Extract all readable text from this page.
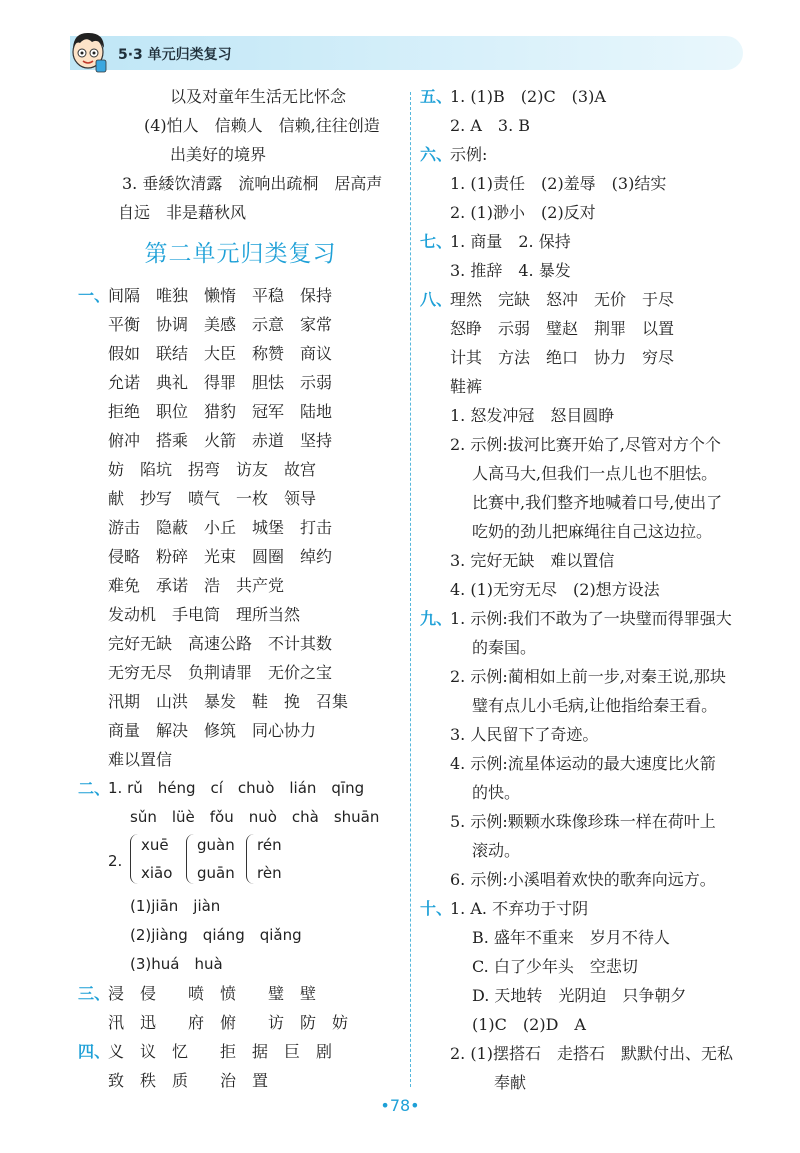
5·3 单元归类复习
以及对童年生活无比怀念
(4)怕人　信赖人　信赖,往往创造
出美好的境界
3. 垂緌饮清露　流响出疏桐　居高声
自远　非是藉秋风
第二单元归类复习
一、
间隔　唯独　懒惰　平稳　保持
平衡　协调　美感　示意　家常
假如　联结　大臣　称赞　商议
允诺　典礼　得罪　胆怯　示弱
拒绝　职位　猎豹　冠军　陆地
俯冲　搭乘　火箭　赤道　坚持
妨　陷坑　拐弯　访友　故宫
献　抄写　喷气　一枚　领导
游击　隐蔽　小丘　城堡　打击
侵略　粉碎　光束　圆圈　绰约
难免　承诺　浩　共产党
发动机　手电筒　理所当然
完好无缺　高速公路　不计其数
无穷无尽　负荆请罪　无价之宝
汛期　山洪　暴发　鞋　挽　召集
商量　解决　修筑　同心协力
难以置信
二、
1. rǔ　héng　cí　chuò　lián　qīng
sǔn　lüè　fǒu　nuò　chà　shuān
2.
xuē
xiāo
guàn
guān
rén
rèn
(1)jiān　jiàn
(2)jiàng　qiáng　qiǎng
(3)huá　huà
三、
浸　侵　　喷　愤　　璧　壁
汛　迅　　府　俯　　访　防　妨
四、
义　议　忆　　拒　据　巨　剧
致　秩　质　　治　置
五、
1. (1)B　(2)C　(3)A
2. A　3. B
六、
示例:
1. (1)责任　(2)羞辱　(3)结实
2. (1)渺小　(2)反对
七、
1. 商量　2. 保持
3. 推辞　4. 暴发
八、
理然　完缺　怒冲　无价　于尽
怒睁　示弱　璧赵　荆罪　以置
计其　方法　绝口　协力　穷尽
鞋裤
1. 怒发冲冠　怒目圆睁
2. 示例:拔河比赛开始了,尽管对方个个
人高马大,但我们一点儿也不胆怯。
比赛中,我们整齐地喊着口号,使出了
吃奶的劲儿把麻绳往自己这边拉。
3. 完好无缺　难以置信
4. (1)无穷无尽　(2)想方设法
九、
1. 示例:我们不敢为了一块璧而得罪强大
的秦国。
2. 示例:蔺相如上前一步,对秦王说,那块
璧有点儿小毛病,让他指给秦王看。
3. 人民留下了奇迹。
4. 示例:流星体运动的最大速度比火箭
的快。
5. 示例:颗颗水珠像珍珠一样在荷叶上
滚动。
6. 示例:小溪唱着欢快的歌奔向远方。
十、
1. A. 不弃功于寸阴
B. 盛年不重来　岁月不待人
C. 白了少年头　空悲切
D. 天地转　光阴迫　只争朝夕
(1)C　(2)D　A
2. (1)摆搭石　走搭石　默默付出、无私
奉献
•78•
